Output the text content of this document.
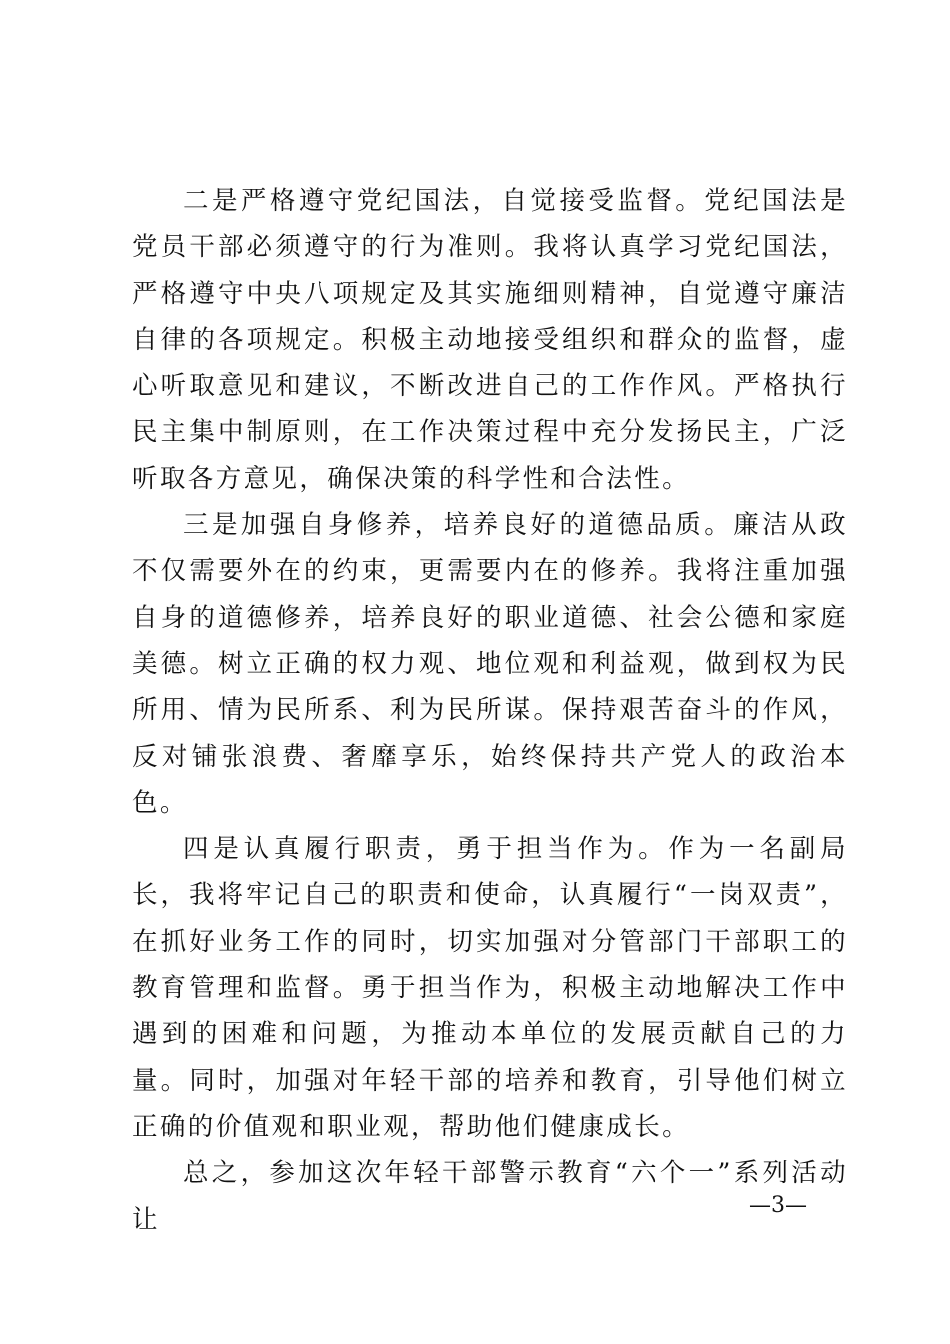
二是严格遵守党纪国法，自觉接受监督。党纪国法是党员干部必须遵守的行为准则。我将认真学习党纪国法，严格遵守中央八项规定及其实施细则精神，自觉遵守廉洁自律的各项规定。积极主动地接受组织和群众的监督，虚心听取意见和建议，不断改进自己的工作作风。严格执行民主集中制原则，在工作决策过程中充分发扬民主，广泛听取各方意见，确保决策的科学性和合法性。

三是加强自身修养，培养良好的道德品质。廉洁从政不仅需要外在的约束，更需要内在的修养。我将注重加强自身的道德修养，培养良好的职业道德、社会公德和家庭美德。树立正确的权力观、地位观和利益观，做到权为民所用、情为民所系、利为民所谋。保持艰苦奋斗的作风，反对铺张浪费、奢靡享乐，始终保持共产党人的政治本色。

四是认真履行职责，勇于担当作为。作为一名副局长，我将牢记自己的职责和使命，认真履行“一岗双责”，在抓好业务工作的同时，切实加强对分管部门干部职工的教育管理和监督。勇于担当作为，积极主动地解决工作中遇到的困难和问题，为推动本单位的发展贡献自己的力量。同时，加强对年轻干部的培养和教育，引导他们树立正确的价值观和职业观，帮助他们健康成长。

总之，参加这次年轻干部警示教育“六个一”系列活动让	—3—
